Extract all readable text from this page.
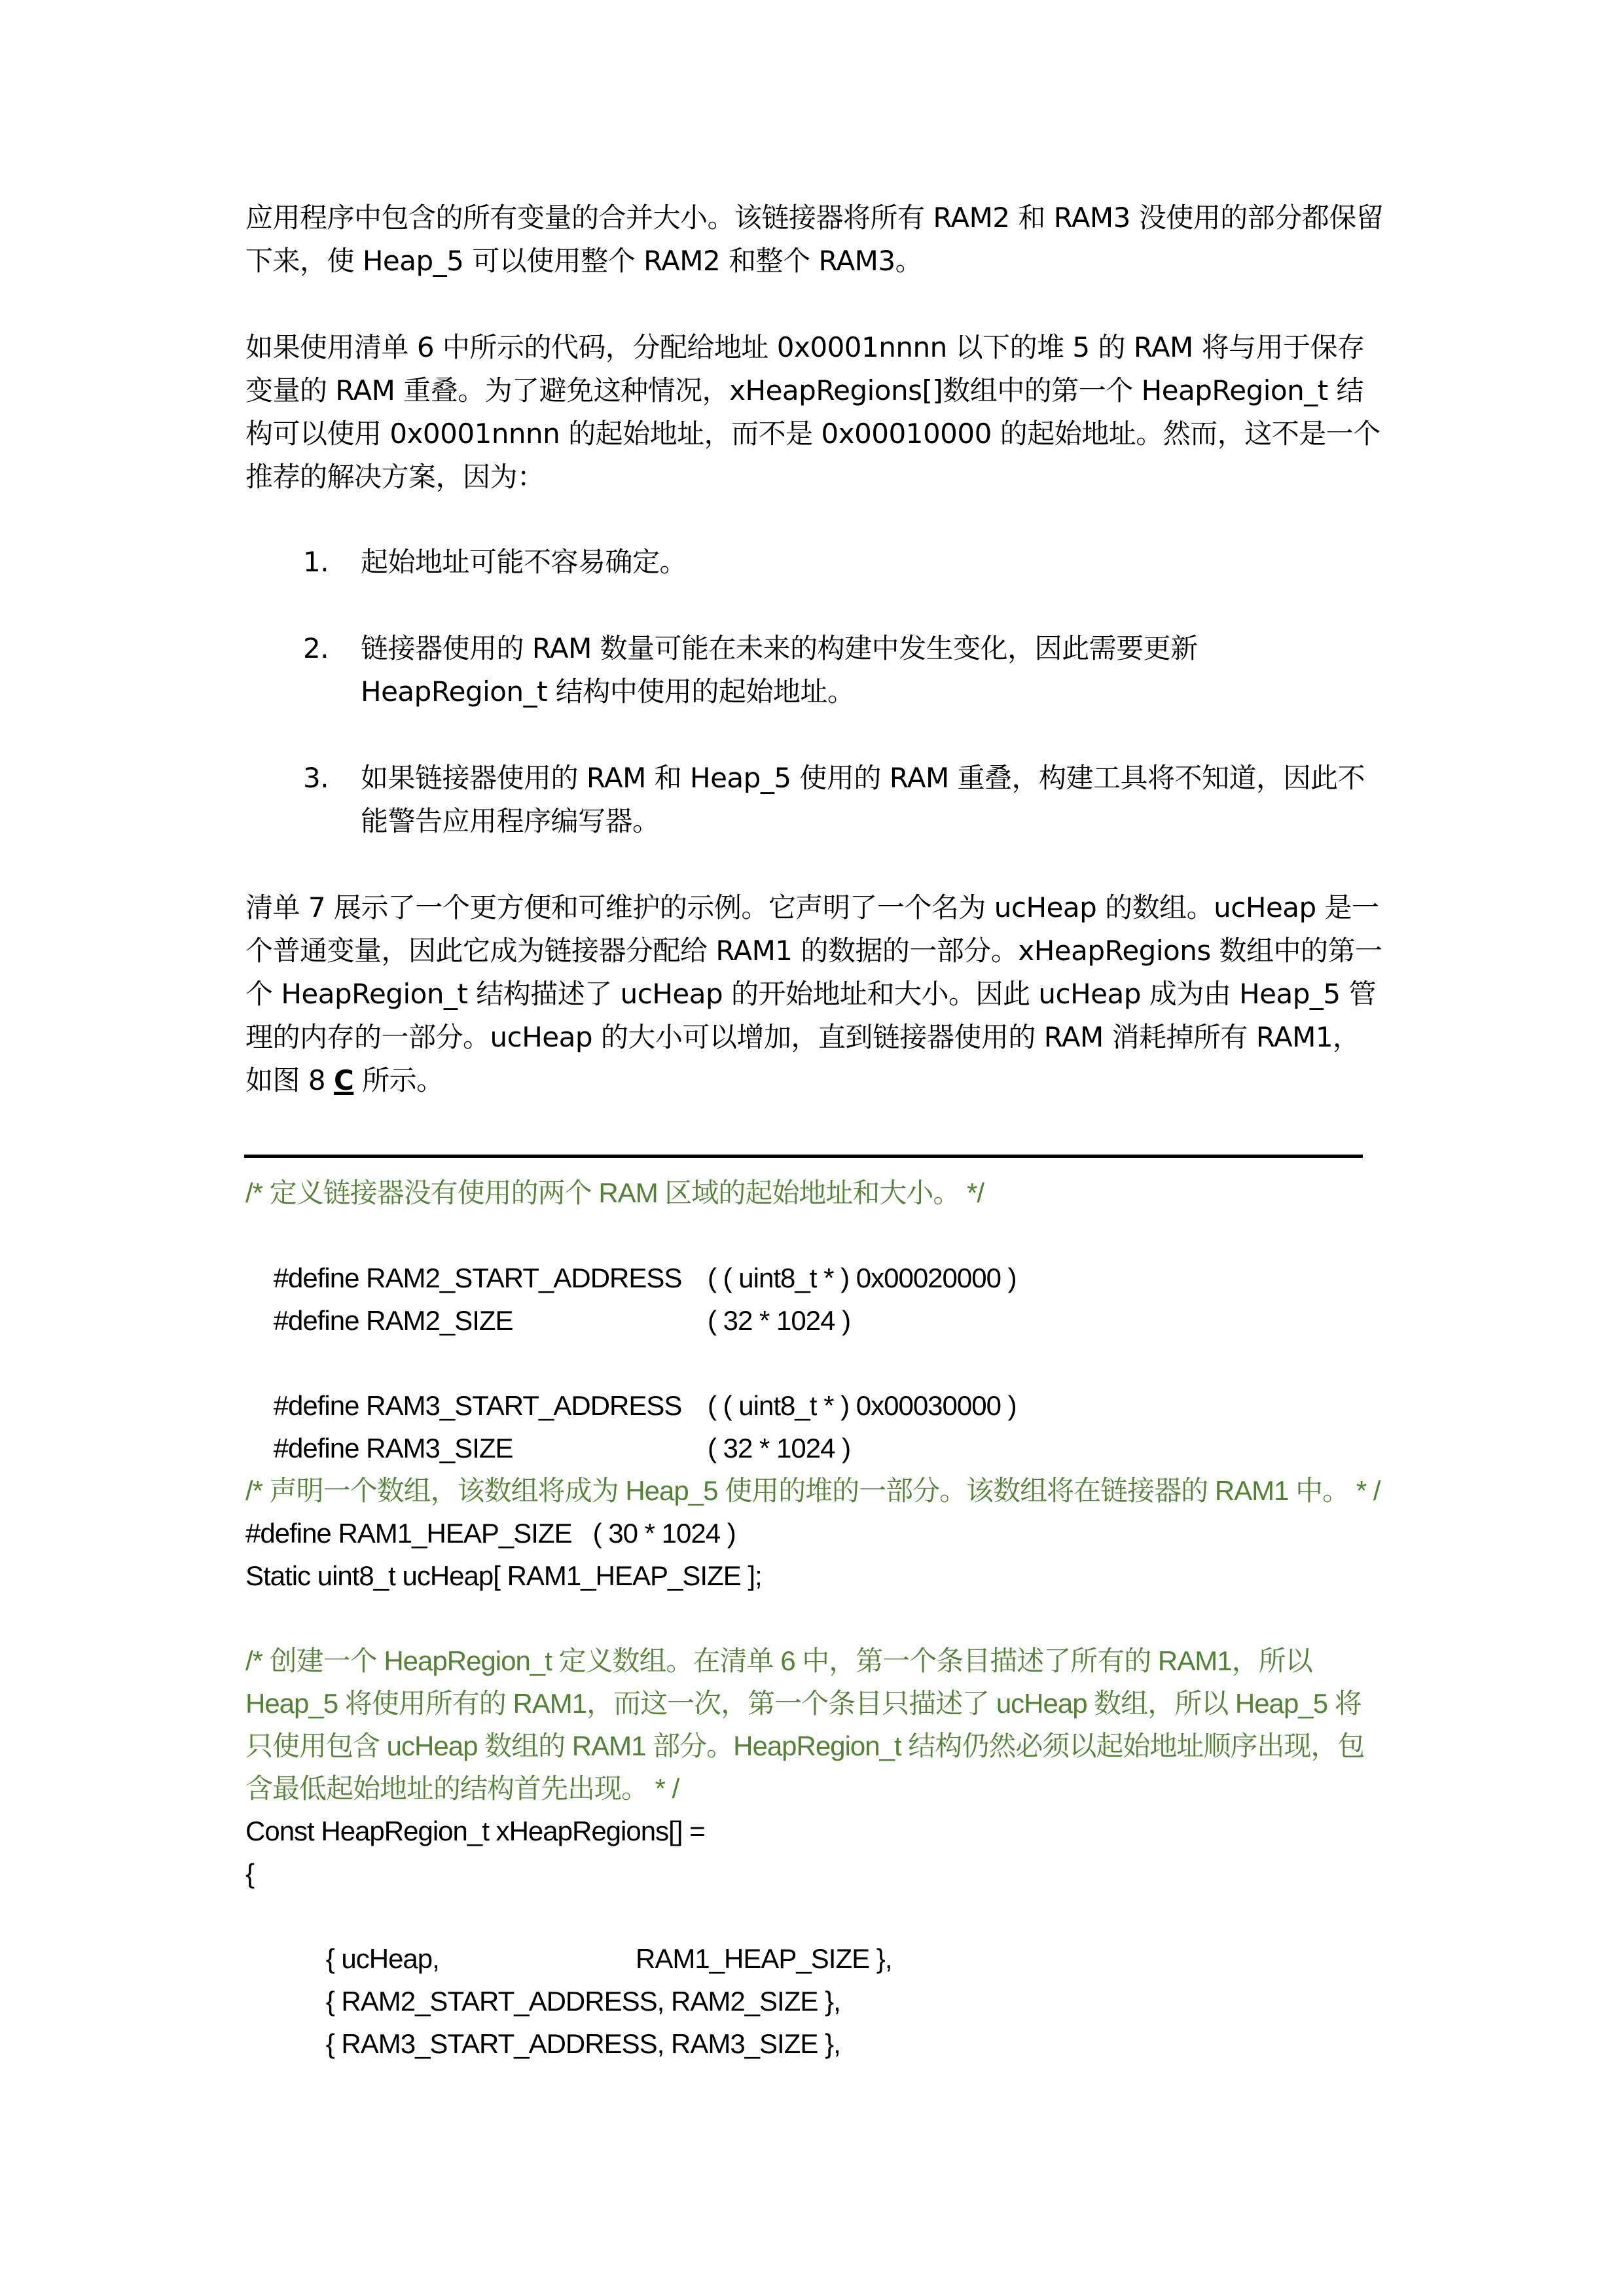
应用程序中包含的所有变量的合并大小。该链接器将所有 RAM2 和 RAM3 没使用的部分都保留下来，使 Heap_5 可以使用整个 RAM2 和整个 RAM3。

如果使用清单 6 中所示的代码，分配给地址 0x0001nnnn 以下的堆 5 的 RAM 将与用于保存变量的 RAM 重叠。为了避免这种情况，xHeapRegions[]数组中的第一个 HeapRegion_t 结构可以使用 0x0001nnnn 的起始地址，而不是 0x00010000 的起始地址。然而，这不是一个推荐的解决方案，因为：

1. 起始地址可能不容易确定。
2. 链接器使用的 RAM 数量可能在未来的构建中发生变化，因此需要更新 HeapRegion_t 结构中使用的起始地址。
3. 如果链接器使用的 RAM 和 Heap_5 使用的 RAM 重叠，构建工具将不知道，因此不能警告应用程序编写器。

清单 7 展示了一个更方便和可维护的示例。它声明了一个名为 ucHeap 的数组。ucHeap 是一个普通变量，因此它成为链接器分配给 RAM1 的数据的一部分。xHeapRegions 数组中的第一个 HeapRegion_t 结构描述了 ucHeap 的开始地址和大小。因此 ucHeap 成为由 Heap_5 管理的内存的一部分。ucHeap 的大小可以增加，直到链接器使用的 RAM 消耗掉所有 RAM1，如图 8 C 所示。

/* 定义链接器没有使用的两个 RAM 区域的起始地址和大小。 */

#define RAM2_START_ADDRESS ( ( uint8_t * ) 0x00020000 )

#define RAM2_SIZE	( 32 * 1024 )

#define RAM3_START_ADDRESS ( ( uint8_t * ) 0x00030000 )

#define RAM3_SIZE	( 32 * 1024 )

/* 声明一个数组，该数组将成为 Heap_5 使用的堆的一部分。该数组将在链接器的 RAM1 中。 * /
#define RAM1_HEAP_SIZE   ( 30 * 1024 )
Static uint8_t ucHeap[ RAM1_HEAP_SIZE ];
/* 创建一个 HeapRegion_t 定义数组。在清单 6 中，第一个条目描述了所有的 RAM1，所以 Heap_5 将使用所有的 RAM1，而这一次，第一个条目只描述了 ucHeap 数组，所以 Heap_5 将只使用包含 ucHeap 数组的 RAM1 部分。HeapRegion_t 结构仍然必须以起始地址顺序出现，包含最低起始地址的结构首先出现。 * /
Const HeapRegion_t xHeapRegions[] =
{

{ ucHeap,	RAM1_HEAP_SIZE },

{ RAM2_START_ADDRESS, RAM2_SIZE },

{ RAM3_START_ADDRESS, RAM3_SIZE },
